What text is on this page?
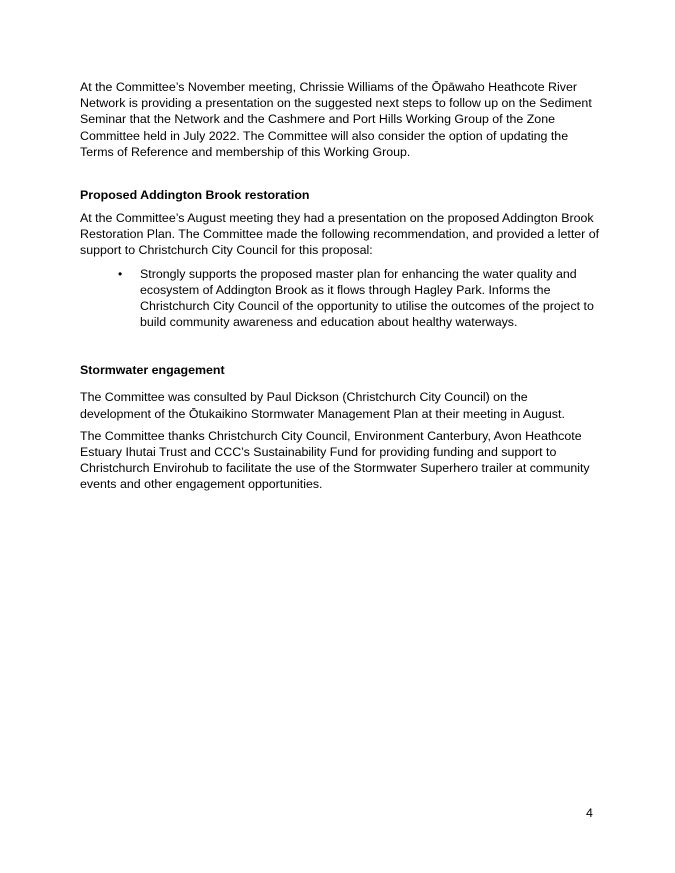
At the Committee’s November meeting, Chrissie Williams of the Ōpāwaho Heathcote River Network is providing a presentation on the suggested next steps to follow up on the Sediment Seminar that the Network and the Cashmere and Port Hills Working Group of the Zone Committee held in July 2022. The Committee will also consider the option of updating the Terms of Reference and membership of this Working Group.

Proposed Addington Brook restoration

At the Committee’s August meeting they had a presentation on the proposed Addington Brook Restoration Plan. The Committee made the following recommendation, and provided a letter of support to Christchurch City Council for this proposal:

• Strongly supports the proposed master plan for enhancing the water quality and ecosystem of Addington Brook as it flows through Hagley Park. Informs the Christchurch City Council of the opportunity to utilise the outcomes of the project to build community awareness and education about healthy waterways.
Stormwater engagement

The Committee was consulted by Paul Dickson (Christchurch City Council) on the development of the Ōtukaikino Stormwater Management Plan at their meeting in August.

The Committee thanks Christchurch City Council, Environment Canterbury, Avon Heathcote Estuary Ihutai Trust and CCC’s Sustainability Fund for providing funding and support to Christchurch Envirohub to facilitate the use of the Stormwater Superhero trailer at community events and other engagement opportunities.

4
